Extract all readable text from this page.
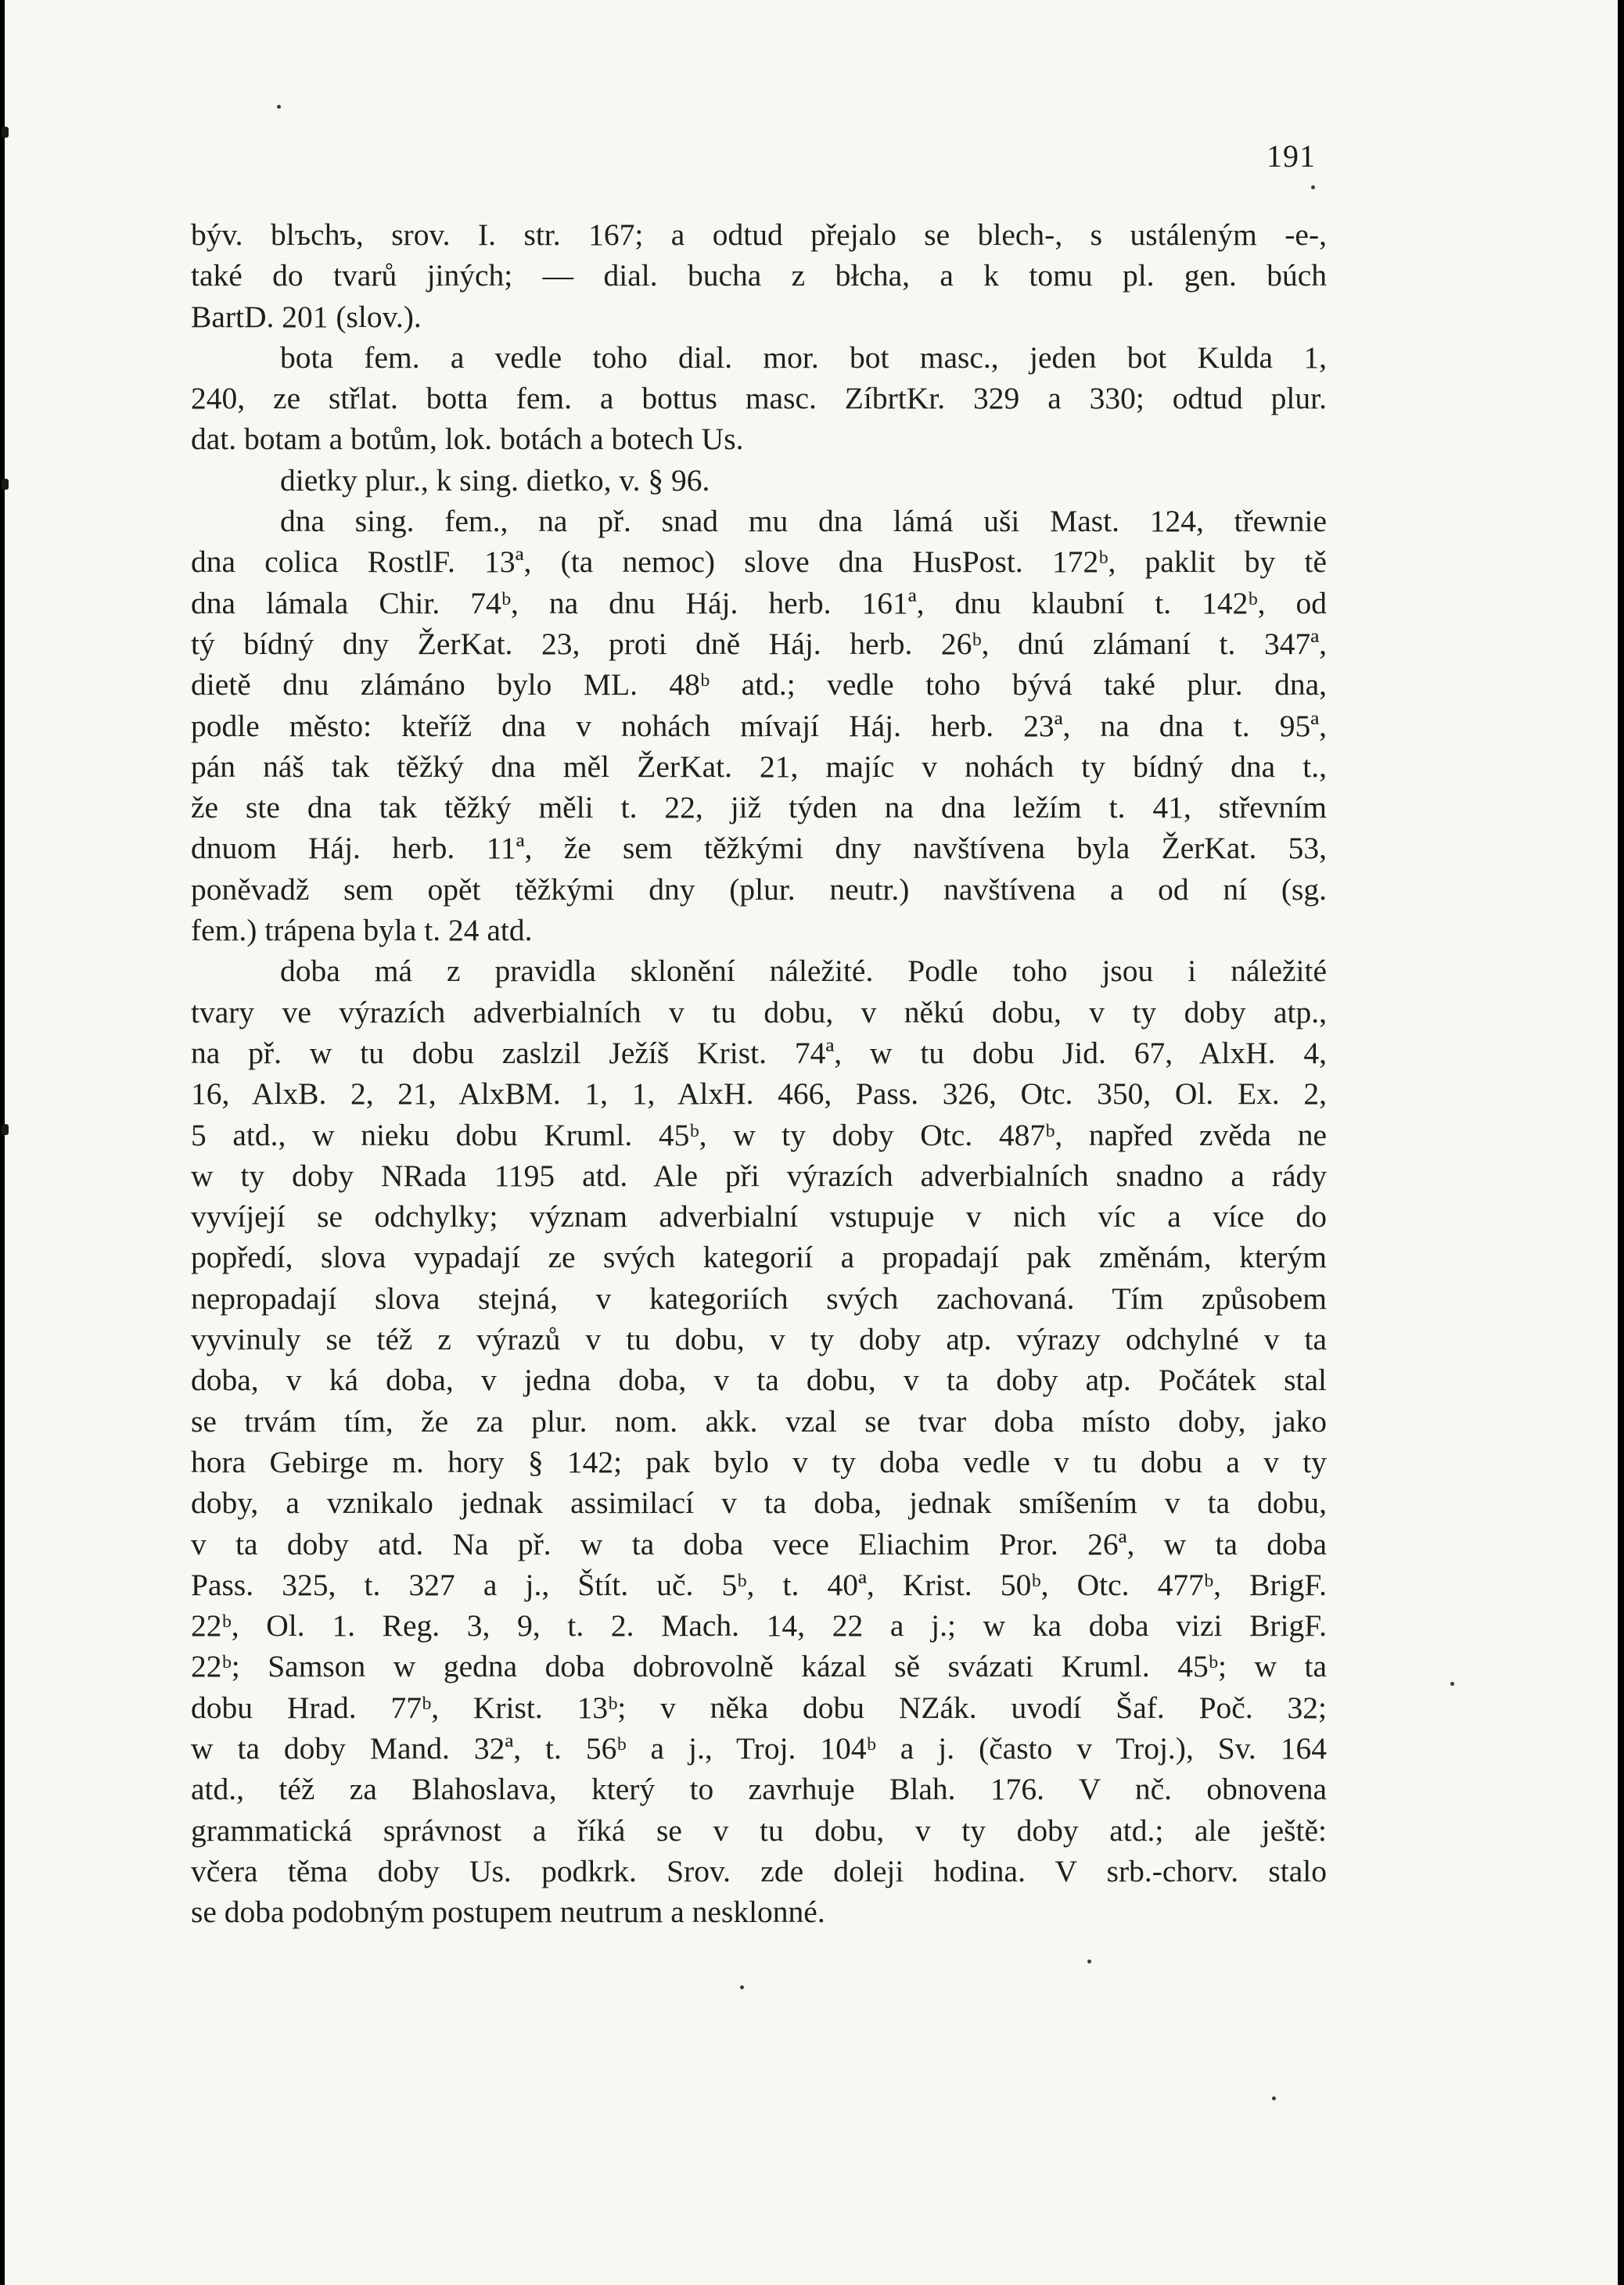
191
býv. blъchъ, srov. I. str. 167; a odtud přejalo se blech-, s ustáleným -e-,
také do tvarů jiných; — dial. bucha z błcha, a k tomu pl. gen. búch
BartD. 201 (slov.).
bota fem. a vedle toho dial. mor. bot masc., jeden bot Kulda 1,
240, ze střlat. botta fem. a bottus masc. ZíbrtKr. 329 a 330; odtud plur.
dat. botam a botům, lok. botách a botech Us.
dietky plur., k sing. dietko, v. § 96.
dna sing. fem., na př. snad mu dna lámá uši Mast. 124, třewnie
dna colica RostlF. 13ª, (ta nemoc) slove dna HusPost. 172ᵇ, paklit by tě
dna lámala Chir. 74ᵇ, na dnu Háj. herb. 161ª, dnu klaubní t. 142ᵇ, od
tý bídný dny ŽerKat. 23, proti dně Háj. herb. 26ᵇ, dnú zlámaní t. 347ª,
dietě dnu zlámáno bylo ML. 48ᵇ atd.; vedle toho bývá také plur. dna,
podle město: kteříž dna v nohách mívají Háj. herb. 23ª, na dna t. 95ª,
pán náš tak těžký dna měl ŽerKat. 21, majíc v nohách ty bídný dna t.,
že ste dna tak těžký měli t. 22, již týden na dna ležím t. 41, střevním
dnuom Háj. herb. 11ª, že sem těžkými dny navštívena byla ŽerKat. 53,
poněvadž sem opět těžkými dny (plur. neutr.) navštívena a od ní (sg.
fem.) trápena byla t. 24 atd.
doba má z pravidla sklonění náležité. Podle toho jsou i náležité
tvary ve výrazích adverbialních v tu dobu, v někú dobu, v ty doby atp.,
na př. w tu dobu zaslzil Ježíš Krist. 74ª, w tu dobu Jid. 67, AlxH. 4,
16, AlxB. 2, 21, AlxBM. 1, 1, AlxH. 466, Pass. 326, Otc. 350, Ol. Ex. 2,
5 atd., w nieku dobu Kruml. 45ᵇ, w ty doby Otc. 487ᵇ, napřed zvěda ne
w ty doby NRada 1195 atd. Ale při výrazích adverbialních snadno a rády
vyvíjejí se odchylky; význam adverbialní vstupuje v nich víc a více do
popředí, slova vypadají ze svých kategorií a propadají pak změnám, kterým
nepropadají slova stejná, v kategoriích svých zachovaná. Tím způsobem
vyvinuly se též z výrazů v tu dobu, v ty doby atp. výrazy odchylné v ta
doba, v ká doba, v jedna doba, v ta dobu, v ta doby atp. Počátek stal
se trvám tím, že za plur. nom. akk. vzal se tvar doba místo doby, jako
hora Gebirge m. hory § 142; pak bylo v ty doba vedle v tu dobu a v ty
doby, a vznikalo jednak assimilací v ta doba, jednak smíšením v ta dobu,
v ta doby atd. Na př. w ta doba vece Eliachim Pror. 26ª, w ta doba
Pass. 325, t. 327 a j., Štít. uč. 5ᵇ, t. 40ª, Krist. 50ᵇ, Otc. 477ᵇ, BrigF.
22ᵇ, Ol. 1. Reg. 3, 9, t. 2. Mach. 14, 22 a j.; w ka doba vizi BrigF.
22ᵇ; Samson w gedna doba dobrovolně kázal sě svázati Kruml. 45ᵇ; w ta
dobu Hrad. 77ᵇ, Krist. 13ᵇ; v něka dobu NZák. uvodí Šaf. Poč. 32;
w ta doby Mand. 32ª, t. 56ᵇ a j., Troj. 104ᵇ a j. (často v Troj.), Sv. 164
atd., též za Blahoslava, který to zavrhuje Blah. 176. V nč. obnovena
grammatická správnost a říká se v tu dobu, v ty doby atd.; ale ještě:
včera těma doby Us. podkrk. Srov. zde doleji hodina. V srb.-chorv. stalo
se doba podobným postupem neutrum a nesklonné.
